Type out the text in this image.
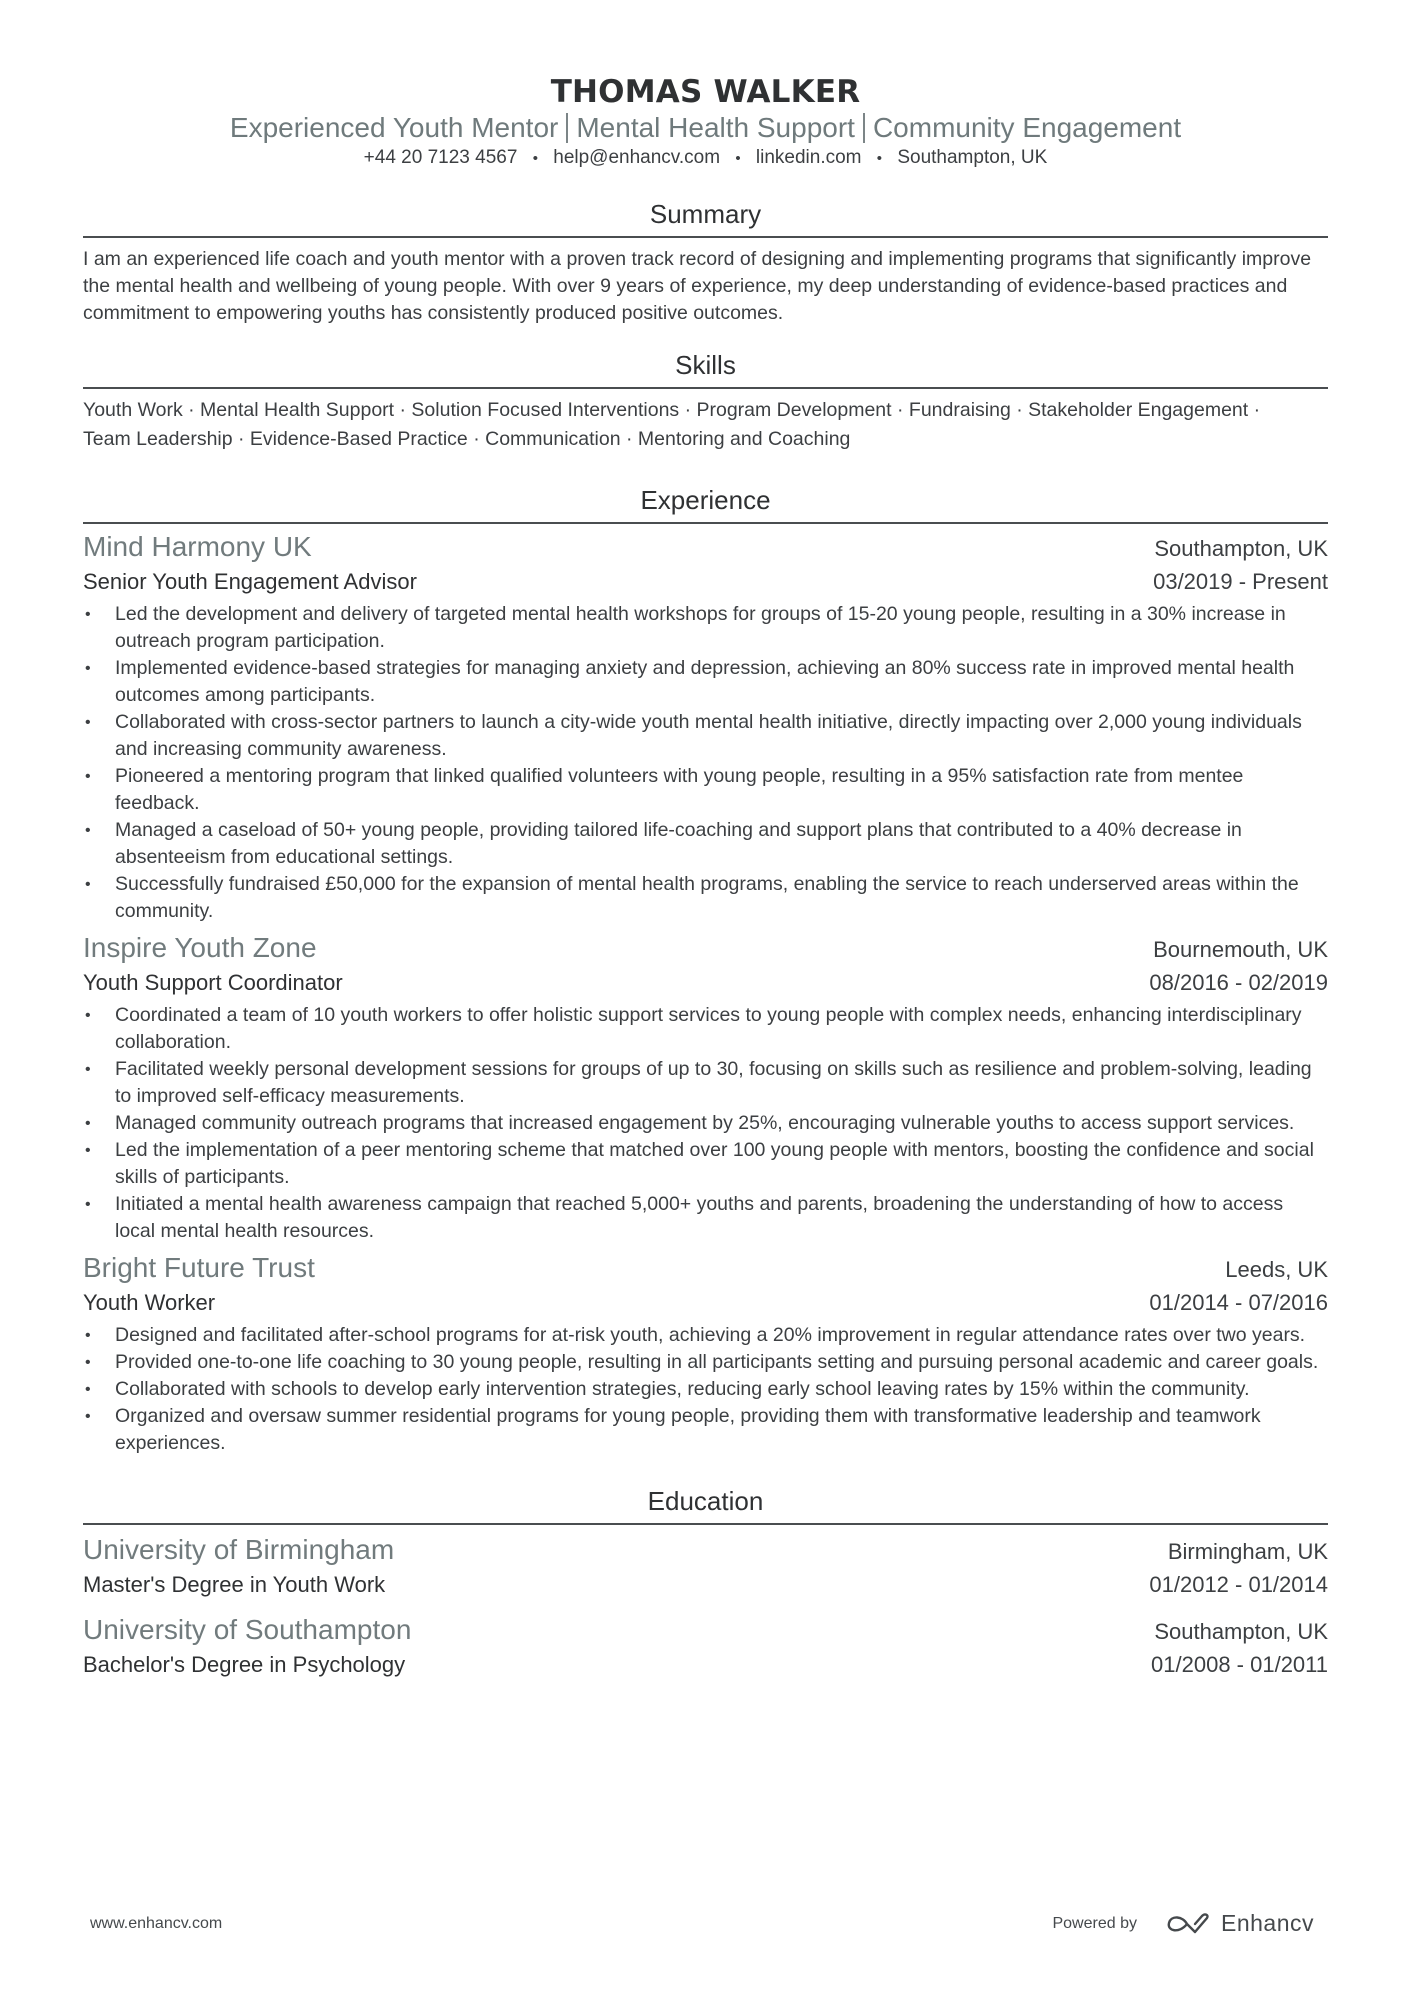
THOMAS WALKER
Experienced Youth Mentor Mental Health Support Community Engagement
+44 20 7123 4567 • help@enhancv.com • linkedin.com • Southampton, UK
Summary
I am an experienced life coach and youth mentor with a proven track record of designing and implementing programs that significantly improve the mental health and wellbeing of young people. With over 9 years of experience, my deep understanding of evidence-based practices and commitment to empowering youths has consistently produced positive outcomes.
Skills
Youth Work · Mental Health Support · Solution Focused Interventions · Program Development · Fundraising · Stakeholder Engagement ·
Team Leadership · Evidence-Based Practice · Communication · Mentoring and Coaching
Experience
Mind Harmony UK	Southampton, UK
Senior Youth Engagement Advisor	03/2019 - Present
• Led the development and delivery of targeted mental health workshops for groups of 15-20 young people, resulting in a 30% increase in outreach program participation.
• Implemented evidence-based strategies for managing anxiety and depression, achieving an 80% success rate in improved mental health outcomes among participants.
• Collaborated with cross-sector partners to launch a city-wide youth mental health initiative, directly impacting over 2,000 young individuals and increasing community awareness.
• Pioneered a mentoring program that linked qualified volunteers with young people, resulting in a 95% satisfaction rate from mentee feedback.
• Managed a caseload of 50+ young people, providing tailored life-coaching and support plans that contributed to a 40% decrease in absenteeism from educational settings.
• Successfully fundraised £50,000 for the expansion of mental health programs, enabling the service to reach underserved areas within the community.
Inspire Youth Zone	Bournemouth, UK
Youth Support Coordinator	08/2016 - 02/2019
• Coordinated a team of 10 youth workers to offer holistic support services to young people with complex needs, enhancing interdisciplinary collaboration.
• Facilitated weekly personal development sessions for groups of up to 30, focusing on skills such as resilience and problem-solving, leading to improved self-efficacy measurements.
• Managed community outreach programs that increased engagement by 25%, encouraging vulnerable youths to access support services.
• Led the implementation of a peer mentoring scheme that matched over 100 young people with mentors, boosting the confidence and social skills of participants.
• Initiated a mental health awareness campaign that reached 5,000+ youths and parents, broadening the understanding of how to access local mental health resources.
Bright Future Trust	Leeds, UK
Youth Worker	01/2014 - 07/2016
• Designed and facilitated after-school programs for at-risk youth, achieving a 20% improvement in regular attendance rates over two years.
• Provided one-to-one life coaching to 30 young people, resulting in all participants setting and pursuing personal academic and career goals.
• Collaborated with schools to develop early intervention strategies, reducing early school leaving rates by 15% within the community.
• Organized and oversaw summer residential programs for young people, providing them with transformative leadership and teamwork experiences.
Education
University of Birmingham	Birmingham, UK
Master's Degree in Youth Work	01/2012 - 01/2014
University of Southampton	Southampton, UK
Bachelor's Degree in Psychology	01/2008 - 01/2011
www.enhancv.com	Powered by	Enhancv
